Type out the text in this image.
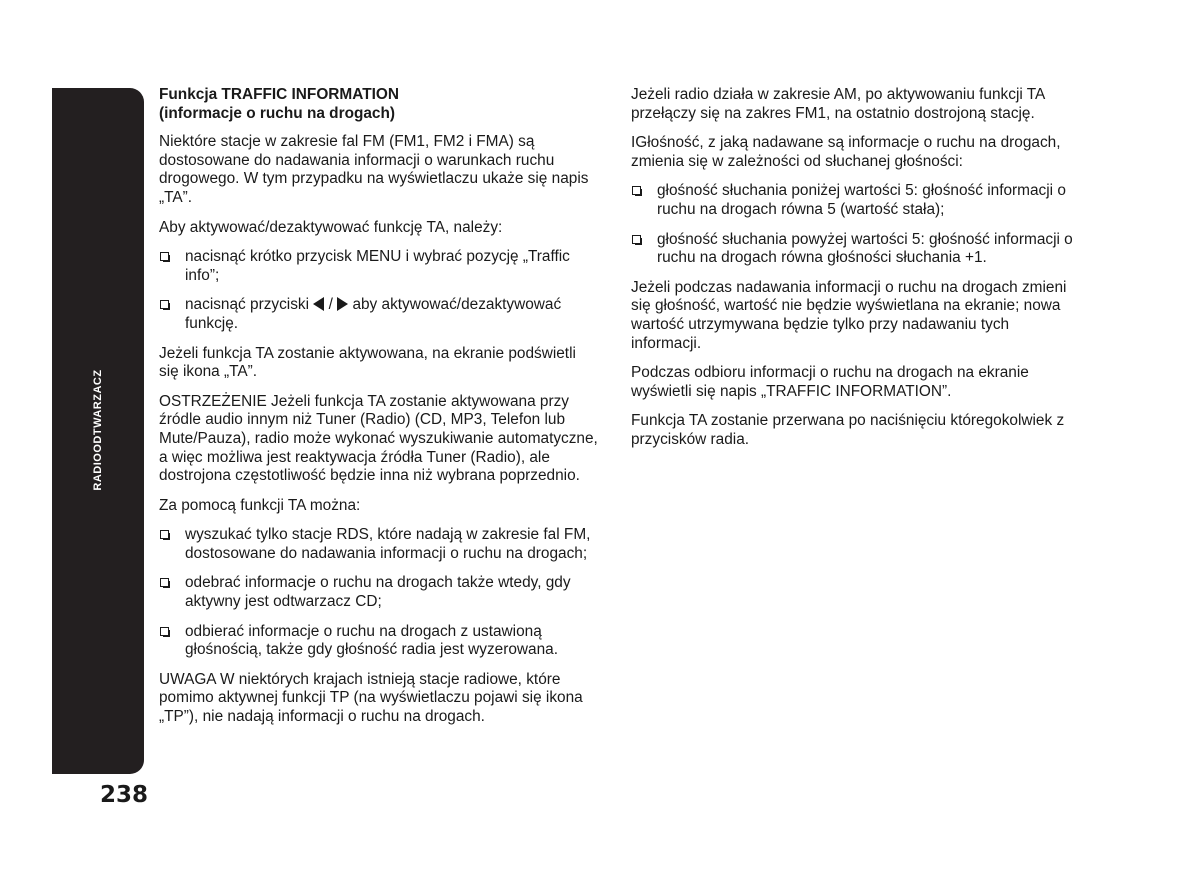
RADIOODTWARZACZ
238
Funkcja TRAFFIC INFORMATION
(informacje o ruchu na drogach)

Niektóre stacje w zakresie fal FM (FM1, FM2 i FMA) są dostosowane do nadawania informacji o warunkach ruchu drogowego. W tym przypadku na wyświetlaczu ukaże się napis „TA”.

Aby aktywować/dezaktywować funkcję TA, należy:

nacisnąć krótko przycisk MENU i wybrać pozycję „Traffic info”;
nacisnąć przyciski / aby aktywować/dezaktywować funkcję.

Jeżeli funkcja TA zostanie aktywowana, na ekranie podświetli się ikona „TA”.

OSTRZEŻENIE Jeżeli funkcja TA zostanie aktywowana przy źródle audio innym niż Tuner (Radio) (CD, MP3, Telefon lub Mute/Pauza), radio może wykonać wyszukiwanie automatyczne, a więc możliwa jest reaktywacja źródła Tuner (Radio), ale dostrojona częstotliwość będzie inna niż wybrana poprzednio.

Za pomocą funkcji TA można:

wyszukać tylko stacje RDS, które nadają w zakresie fal FM, dostosowane do nadawania informacji o ruchu na drogach;
odebrać informacje o ruchu na drogach także wtedy, gdy aktywny jest odtwarzacz CD;
odbierać informacje o ruchu na drogach z ustawioną głośnością, także gdy głośność radia jest wyzerowana.

UWAGA W niektórych krajach istnieją stacje radiowe, które pomimo aktywnej funkcji TP (na wyświetlaczu pojawi się ikona „TP”), nie nadają informacji o ruchu na drogach.

Jeżeli radio działa w zakresie AM, po aktywowaniu funkcji TA przełączy się na zakres FM1, na ostatnio dostrojoną stację.

IGłośność, z jaką nadawane są informacje o ruchu na drogach, zmienia się w zależności od słuchanej głośności:

głośność słuchania poniżej wartości 5: głośność informacji o ruchu na drogach równa 5 (wartość stała);
głośność słuchania powyżej wartości 5: głośność informacji o ruchu na drogach równa głośności słuchania +1.

Jeżeli podczas nadawania informacji o ruchu na drogach zmieni się głośność, wartość nie będzie wyświetlana na ekranie; nowa wartość utrzymywana będzie tylko przy nadawaniu tych informacji.

Podczas odbioru informacji o ruchu na drogach na ekranie wyświetli się napis „TRAFFIC INFORMATION”.

Funkcja TA zostanie przerwana po naciśnięciu któregokolwiek z przycisków radia.
